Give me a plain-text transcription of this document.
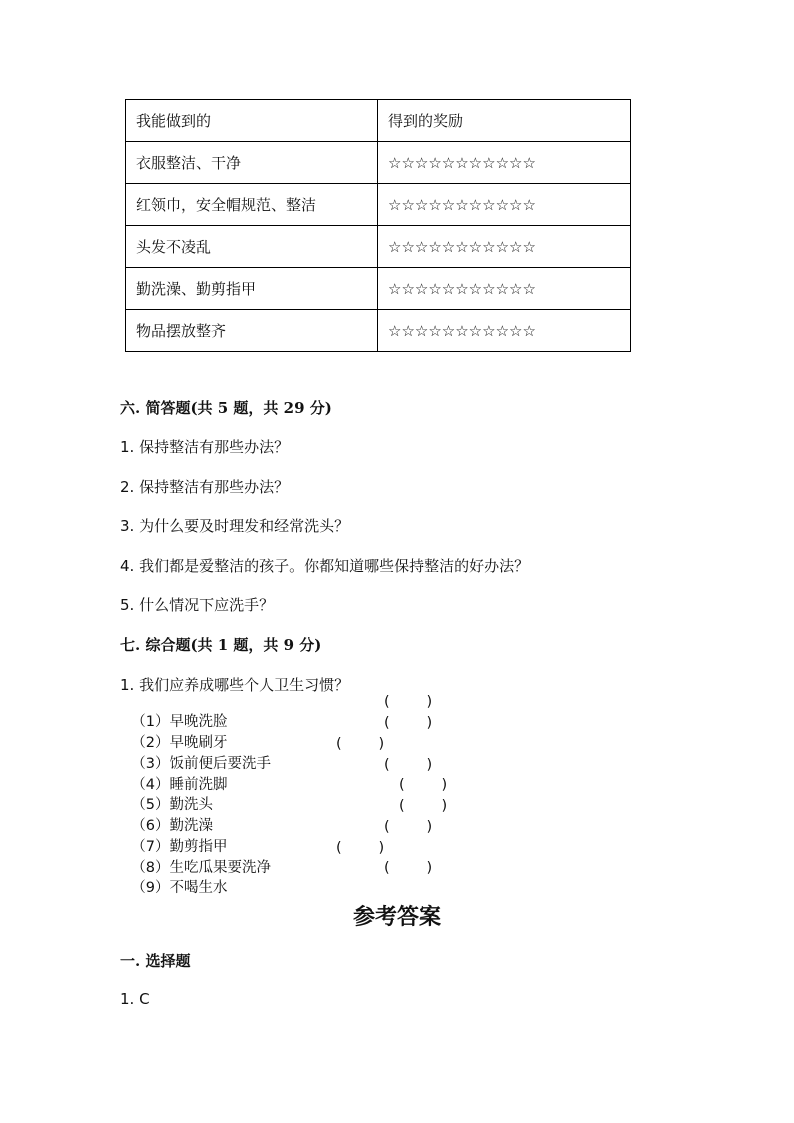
我能做到的	得到的奖励
衣服整洁、干净	☆☆☆☆☆☆☆☆☆☆☆
红领巾，安全帽规范、整洁	☆☆☆☆☆☆☆☆☆☆☆
头发不凌乱	☆☆☆☆☆☆☆☆☆☆☆
勤洗澡、勤剪指甲	☆☆☆☆☆☆☆☆☆☆☆
物品摆放整齐	☆☆☆☆☆☆☆☆☆☆☆
六. 简答题(共 5 题，共 29 分)
1. 保持整洁有那些办法？
2. 保持整洁有那些办法？
3. 为什么要及时理发和经常洗头？
4. 我们都是爱整洁的孩子。你都知道哪些保持整洁的好办法？
5. 什么情况下应洗手？
七. 综合题(共 1 题，共 9 分)
1. 我们应养成哪些个人卫生习惯？

（1）早晚洗脸

(        )

（2）早晚刷牙

(        )

（3）饭前便后要洗手

(        )

（4）睡前洗脚

(        )

（5）勤洗头

(        )

（6）勤洗澡

(        )

（7）勤剪指甲

(        )

（8）生吃瓜果要洗净

(        )

（9）不喝生水

(        )

参考答案
一. 选择题
1. C
